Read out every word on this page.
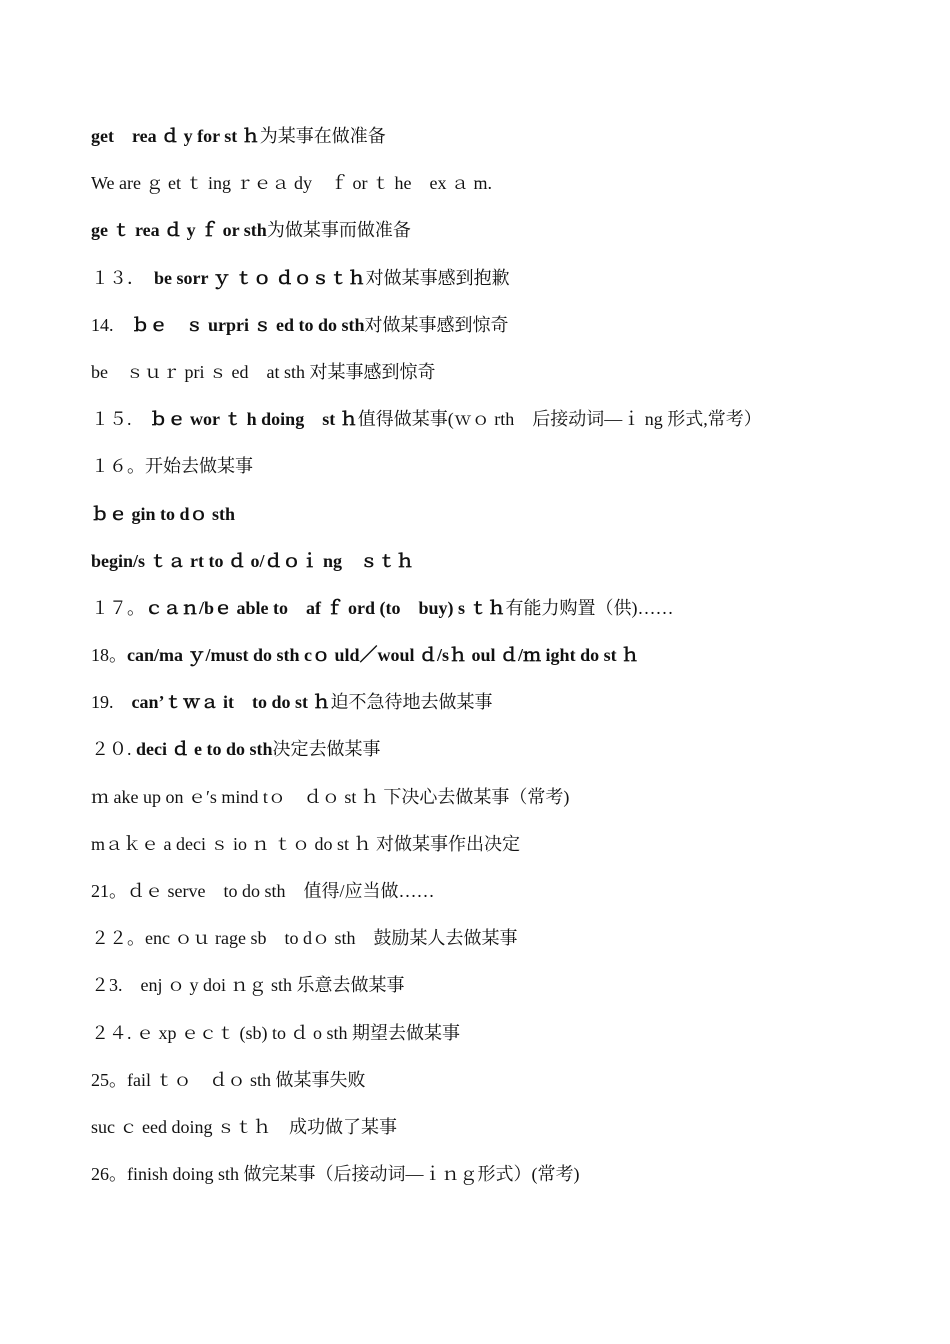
get　rea ｄ y for st ｈ为某事在做准备
We are ｇ et ｔ ing ｒｅａ dy　ｆ or ｔ he　ex ａ m.
ge ｔ rea ｄ y ｆ or sth为做某事而做准备
１３．　be sorr ｙ ｔｏ ｄｏｓｔｈ对做某事感到抱歉
14.　ｂｅ　ｓ urpri ｓ ed to do sth对做某事感到惊奇
be　ｓｕｒ pri ｓ ed　at sth 对某事感到惊奇
１５.　ｂｅ wor ｔ h doing　st ｈ值得做某事(ｗｏ rth　后接动词—ｉ ng 形式,常考）
１６。开始去做某事
ｂｅ gin to dｏ sth
begin/s ｔａ rt to ｄ o/ｄｏｉ ng　ｓｔｈ
１７。ｃａｎ/bｅ able to　af ｆ ord (to　buy) s ｔｈ有能力购置（供)……
18。can/ma ｙ/must do sth cｏ uld／woul ｄ/sｈ oul ｄ/ｍ ight do st ｈ
19.　can’ｔｗａ it　to do st ｈ迫不急待地去做某事
２０. deci ｄ e to do sth决定去做某事
ｍ ake up on ｅ′s mind tｏ　ｄｏ st ｈ 下决心去做某事（常考)
mａｋｅ a deci ｓ io ｎ ｔｏ do st ｈ 对做某事作出决定
21。ｄｅ serve　to do sth　值得/应当做……
２２。enc ｏｕ rage sb　to dｏ sth　鼓励某人去做某事
２3.　enj ｏ y doi ｎｇ sth 乐意去做某事
２４. ｅ xp ｅｃｔ (sb) to ｄ o sth 期望去做某事
25。fail ｔｏ　ｄｏ sth 做某事失败
suc ｃ eed doing ｓｔｈ　成功做了某事
26。finish doing sth 做完某事（后接动词—ｉｎｇ形式）(常考)
